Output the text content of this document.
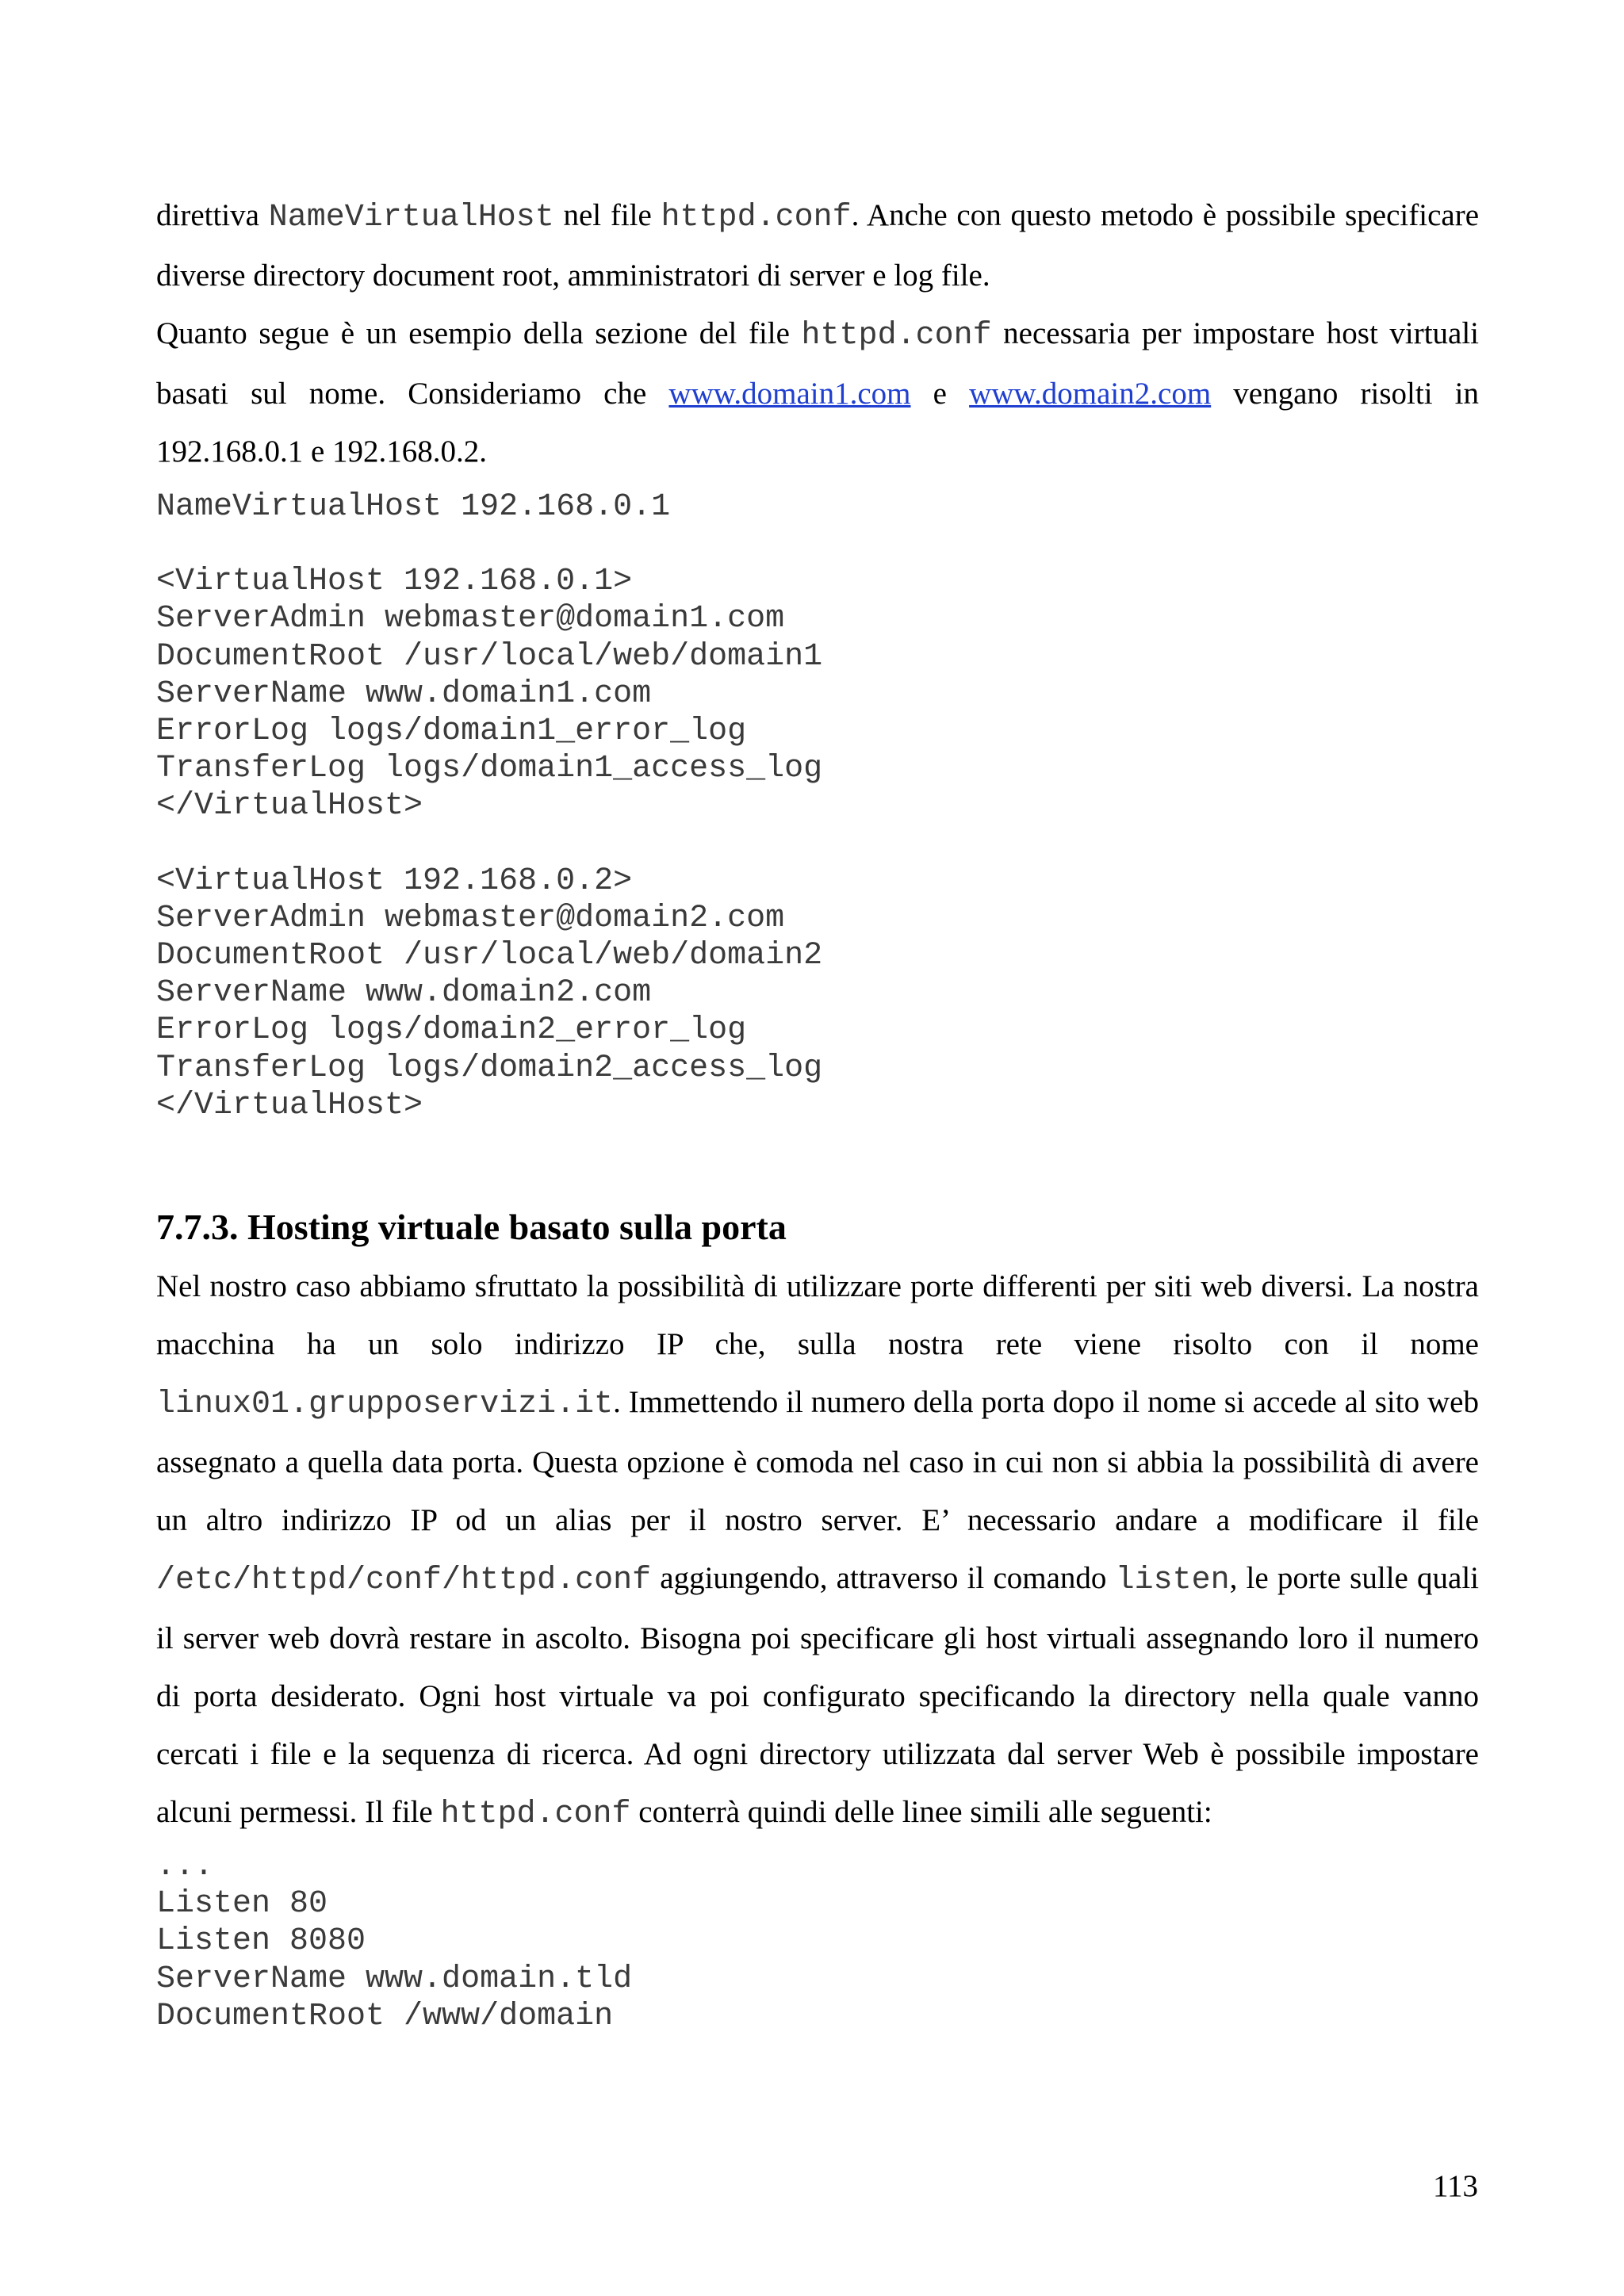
direttiva NameVirtualHost nel file httpd.conf. Anche con questo metodo è possibile specificare diverse directory document root, amministratori di server e log file.

Quanto segue è un esempio della sezione del file httpd.conf necessaria per impostare host virtuali basati sul nome. Consideriamo che www.domain1.com e www.domain2.com vengano risolti in 192.168.0.1 e 192.168.0.2.

NameVirtualHost 192.168.0.1
<VirtualHost 192.168.0.1>
ServerAdmin webmaster@domain1.com
DocumentRoot /usr/local/web/domain1
ServerName www.domain1.com
ErrorLog logs/domain1_error_log
TransferLog logs/domain1_access_log
</VirtualHost>
<VirtualHost 192.168.0.2>
ServerAdmin webmaster@domain2.com
DocumentRoot /usr/local/web/domain2
ServerName www.domain2.com
ErrorLog logs/domain2_error_log
TransferLog logs/domain2_access_log
</VirtualHost>
7.7.3. Hosting virtuale basato sulla porta

Nel nostro caso abbiamo sfruttato la possibilità di utilizzare porte differenti per siti web diversi. La nostra macchina ha un solo indirizzo IP che, sulla nostra rete viene risolto con il nome linux01.grupposervizi.it. Immettendo il numero della porta dopo il nome si accede al sito web assegnato a quella data porta. Questa opzione è comoda nel caso in cui non si abbia la possibilità di avere un altro indirizzo IP od un alias per il nostro server. E’ necessario andare a modificare il file /etc/httpd/conf/httpd.conf aggiungendo, attraverso il comando listen, le porte sulle quali il server web dovrà restare in ascolto. Bisogna poi specificare gli host virtuali assegnando loro il numero di porta desiderato. Ogni host virtuale va poi configurato specificando la directory nella quale vanno cercati i file e la sequenza di ricerca. Ad ogni directory utilizzata dal server Web è possibile impostare alcuni permessi. Il file httpd.conf conterrà quindi delle linee simili alle seguenti:

...
Listen 80
Listen 8080
ServerName www.domain.tld
DocumentRoot /www/domain
113
